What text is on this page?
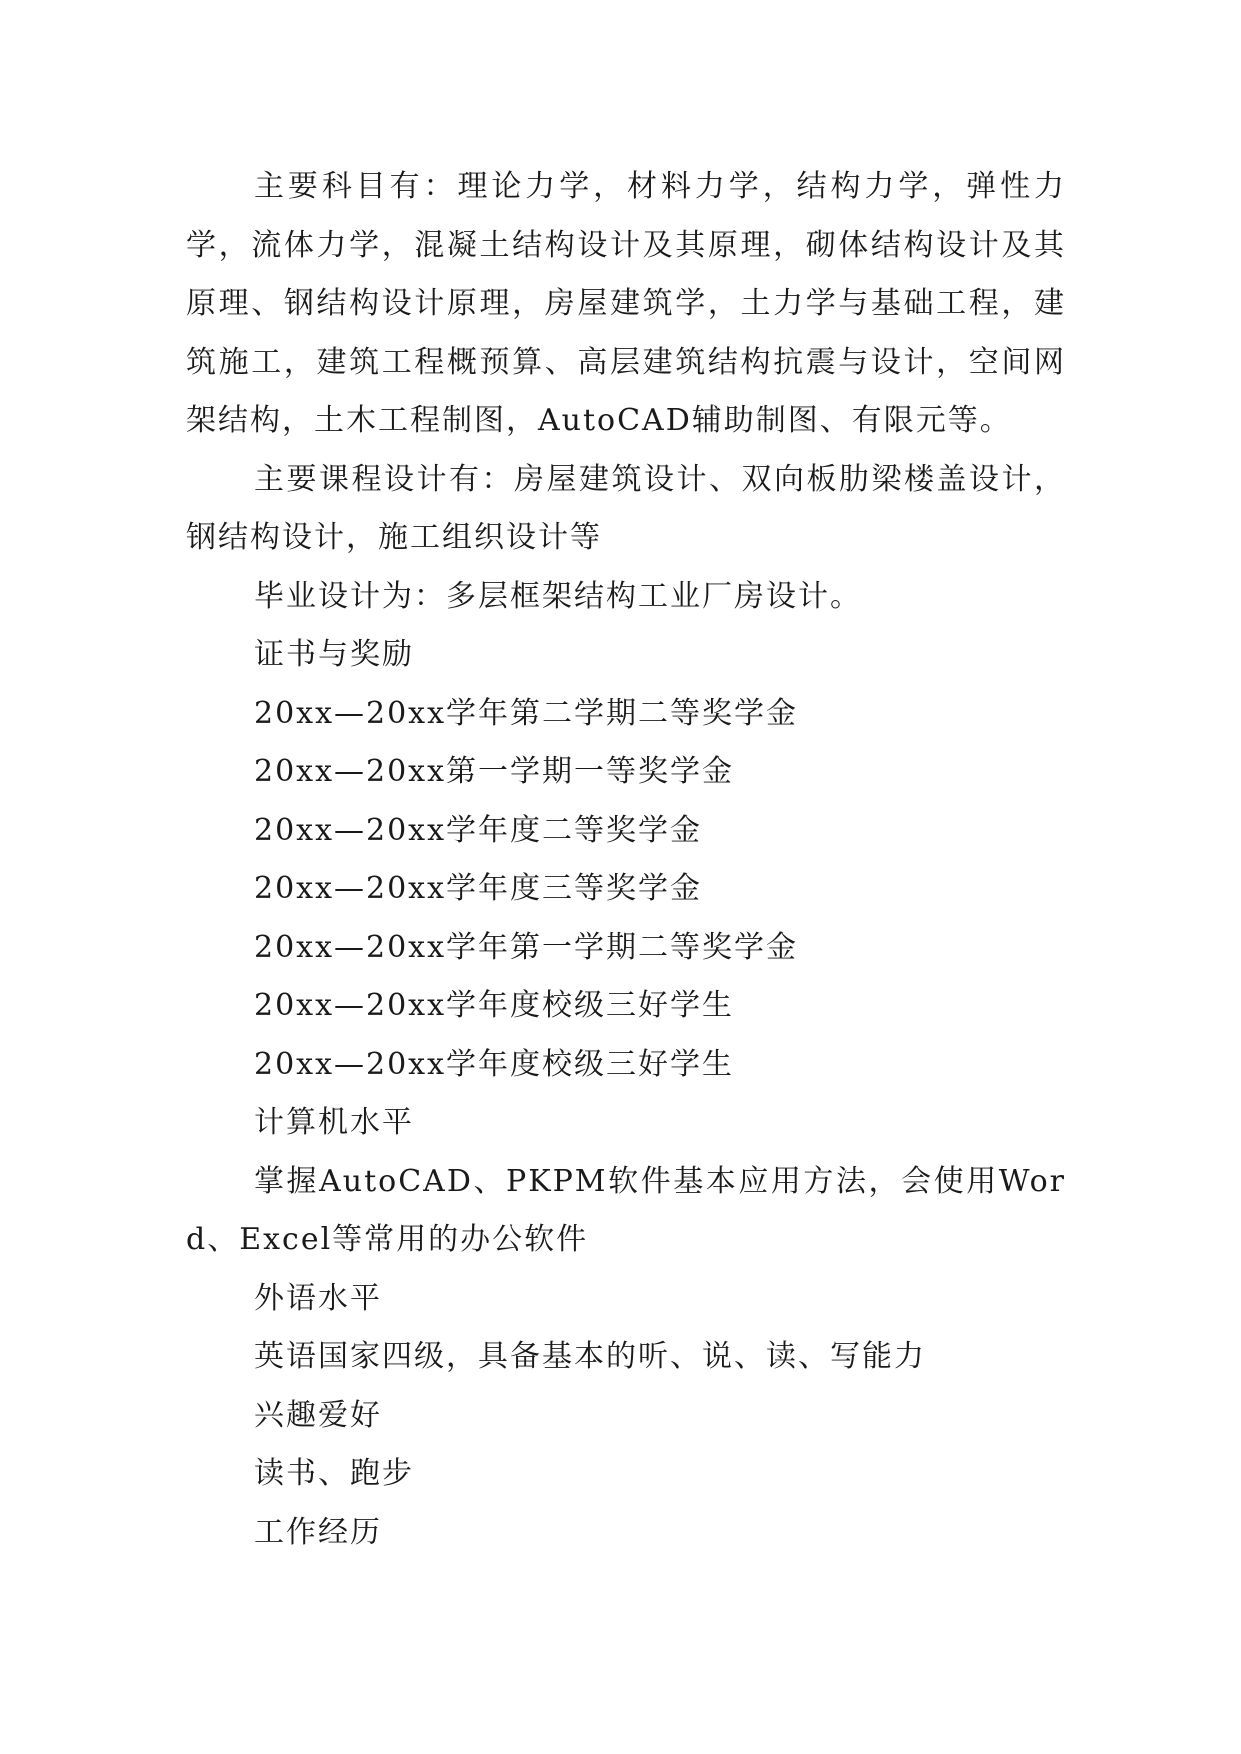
主要科目有：理论力学，材料力学，结构力学，弹性力学，流体力学，混凝土结构设计及其原理，砌体结构设计及其原理、钢结构设计原理，房屋建筑学，土力学与基础工程，建筑施工，建筑工程概预算、高层建筑结构抗震与设计，空间网架结构，土木工程制图，AutoCAD辅助制图、有限元等。

主要课程设计有：房屋建筑设计、双向板肋梁楼盖设计，钢结构设计，施工组织设计等

毕业设计为：多层框架结构工业厂房设计。

证书与奖励

20xx—20xx学年第二学期二等奖学金

20xx—20xx第一学期一等奖学金

20xx—20xx学年度二等奖学金

20xx—20xx学年度三等奖学金

20xx—20xx学年第一学期二等奖学金

20xx—20xx学年度校级三好学生

20xx—20xx学年度校级三好学生

计算机水平

掌握AutoCAD、PKPM软件基本应用方法，会使用Word、Excel等常用的办公软件

外语水平

英语国家四级，具备基本的听、说、读、写能力

兴趣爱好

读书、跑步

工作经历
